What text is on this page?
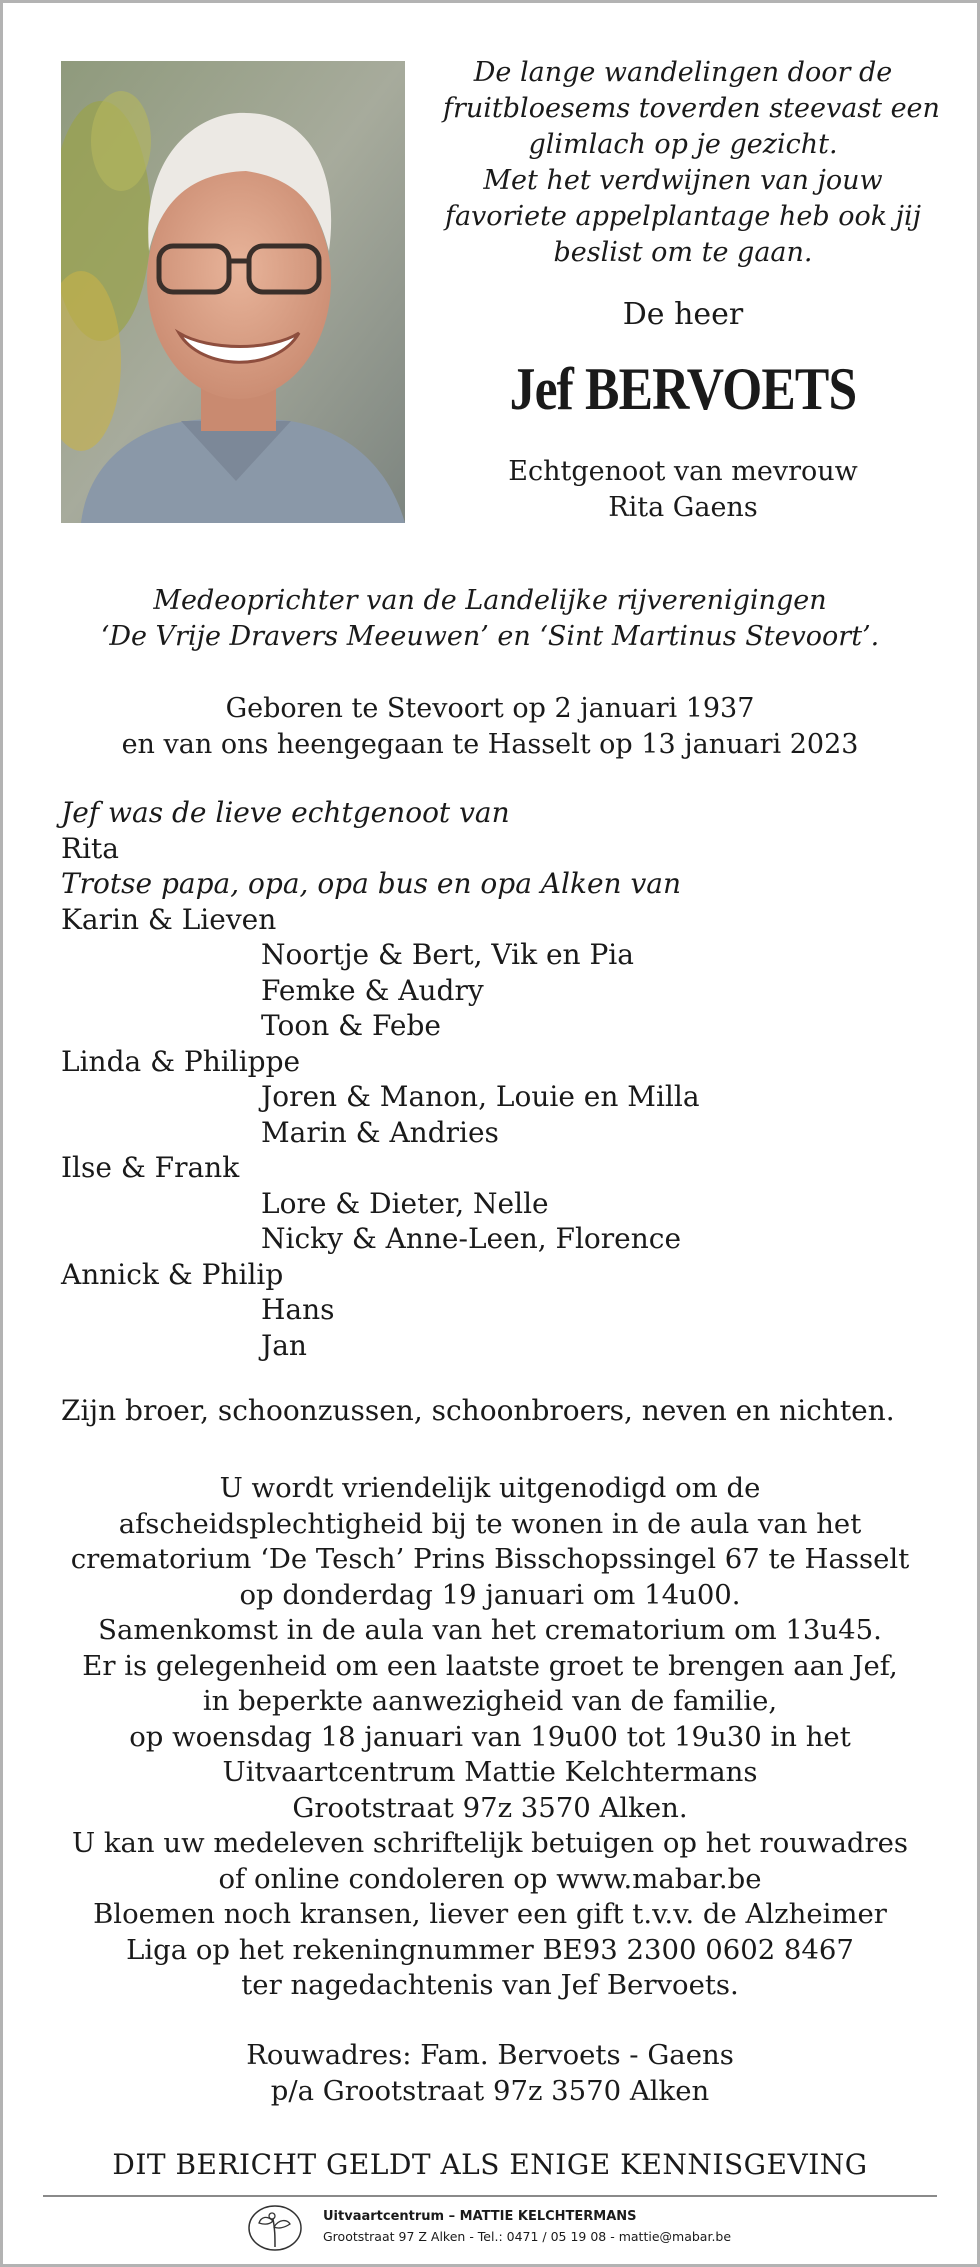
De lange wandelingen door de
fruitbloesems toverden steevast een
glimlach op je gezicht.
Met het verdwijnen van jouw
favoriete appelplantage heb ook jij
beslist om te gaan.
De heer
Jef BERVOETS
Echtgenoot van mevrouw
Rita Gaens
Medeoprichter van de Landelijke rijverenigingen
‘De Vrije Dravers Meeuwen’ en ‘Sint Martinus Stevoort’.
Geboren te Stevoort op 2 januari 1937
en van ons heengegaan te Hasselt op 13 januari 2023
Jef was de lieve echtgenoot van
Rita
Trotse papa, opa, opa bus en opa Alken van
Karin & Lieven
Noortje & Bert, Vik en Pia
Femke & Audry
Toon & Febe
Linda & Philippe
Joren & Manon, Louie en Milla
Marin & Andries
Ilse & Frank
Lore & Dieter, Nelle
Nicky & Anne-Leen, Florence
Annick & Philip
Hans
Jan
Zijn broer, schoonzussen, schoonbroers, neven en nichten.
U wordt vriendelijk uitgenodigd om de
afscheidsplechtigheid bij te wonen in de aula van het
crematorium ‘De Tesch’ Prins Bisschopssingel 67 te Hasselt
op donderdag 19 januari om 14u00.
Samenkomst in de aula van het crematorium om 13u45.
Er is gelegenheid om een laatste groet te brengen aan Jef,
in beperkte aanwezigheid van de familie,
op woensdag 18 januari van 19u00 tot 19u30 in het
Uitvaartcentrum Mattie Kelchtermans
Grootstraat 97z 3570 Alken.
U kan uw medeleven schriftelijk betuigen op het rouwadres
of online condoleren op www.mabar.be
Bloemen noch kransen, liever een gift t.v.v. de Alzheimer
Liga op het rekeningnummer BE93 2300 0602 8467
ter nagedachtenis van Jef Bervoets.
Rouwadres: Fam. Bervoets - Gaens
p/a Grootstraat 97z 3570 Alken
DIT BERICHT GELDT ALS ENIGE KENNISGEVING
Uitvaartcentrum – MATTIE KELCHTERMANS
Grootstraat 97 Z Alken - Tel.: 0471 / 05 19 08 - mattie@mabar.be
